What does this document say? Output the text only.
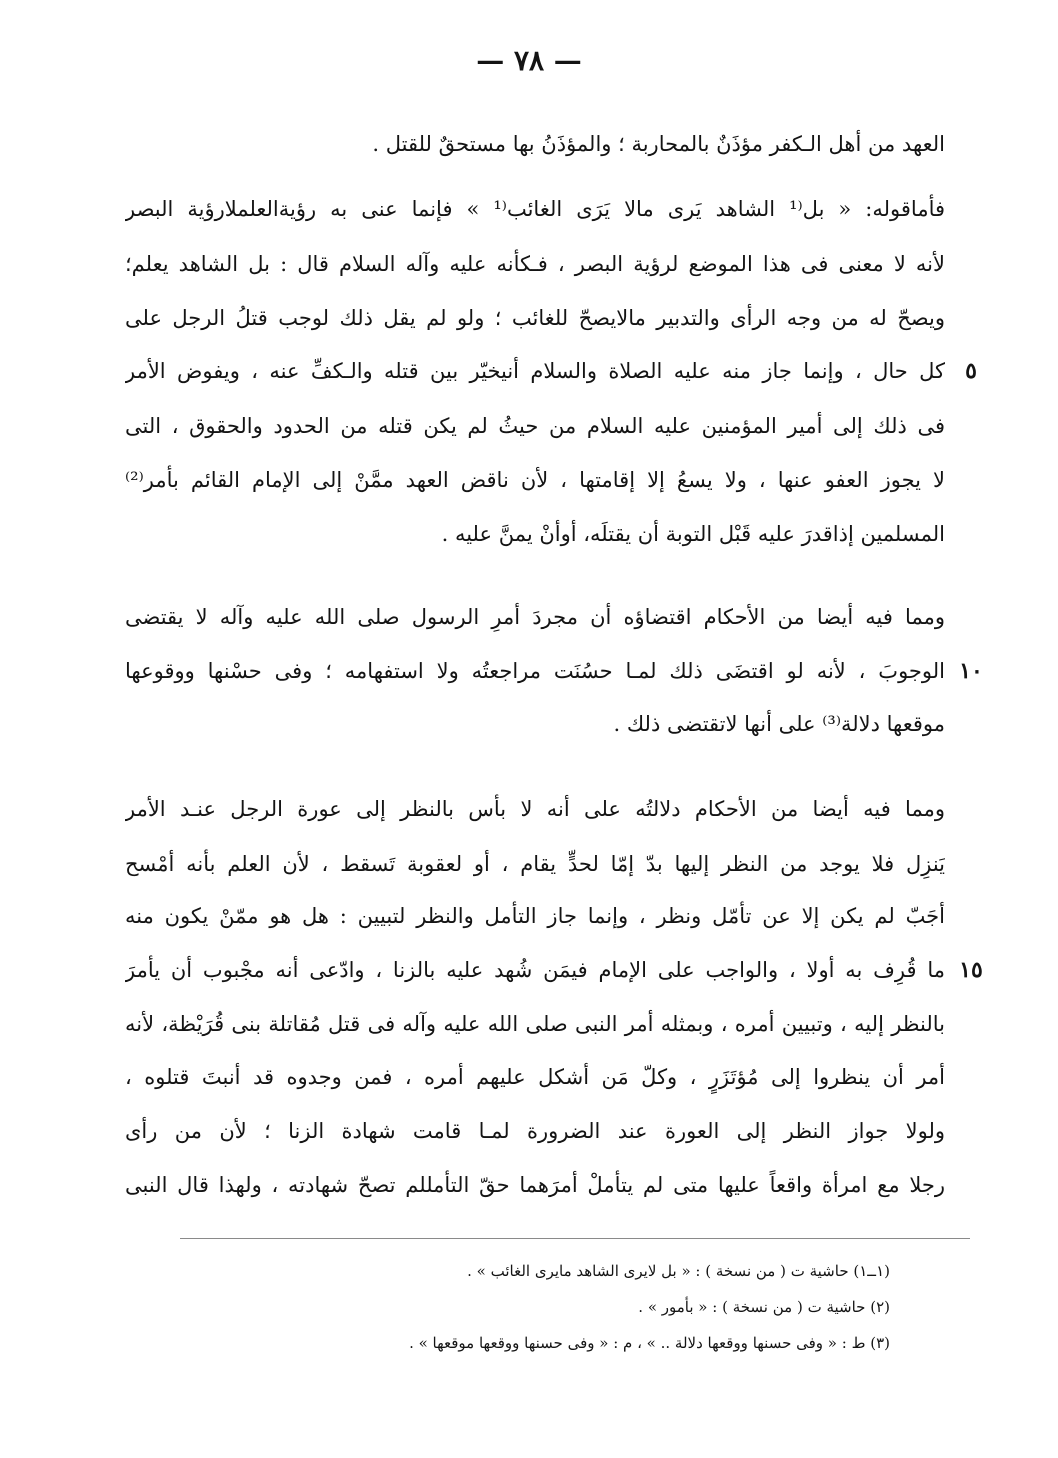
— ٧٨ —
العهد من أهل الـكفر مؤذَنٌ بالمحاربة ؛ والمؤذَنُ بها مستحقٌ للقتل .
فأماقوله: « بل⁽¹ الشاهد يَرى مالا يَرَى الغائب⁽¹ » فإنما عنى به رؤيةالعلملارؤية البصر
لأنه لا معنى فى هذا الموضع لرؤية البصر ، فـكأنه عليه وآله السلام قال : بل الشاهد يعلم؛
ويصحّ له من وجه الرأى والتدبير مالايصحّ للغائب ؛ ولو لم يقل ذلك لوجب قتلُ الرجل على
كل حال ، وإنما جاز منه عليه الصلاة والسلام أنيخيّر بين قتله والـكفِّ عنه ، ويفوض الأمر
فى ذلك إلى أمير المؤمنين عليه السلام من حيثُ لم يكن قتله من الحدود والحقوق ، التى
لا يجوز العفو عنها ، ولا يسعُ إلا إقامتها ، لأن ناقض العهد ممَّنْ إلى الإمام القائم بأمر⁽²⁾
المسلمين إذاقدرَ عليه قَبْل التوبة أن يقتلَه، أوأنْ يمنَّ عليه .
ومما فيه أيضا من الأحكام اقتضاؤه أن مجردَ أمرِ الرسول صلى الله عليه وآله لا يقتضى
الوجوبَ ، لأنه لو اقتضَى ذلك لمـا حسُنَت مراجعتُه ولا استفهامه ؛ وفى حسْنها ووقوعها
موقعها دلالة⁽³⁾ على أنها لاتقتضى ذلك .
ومما فيه أيضا من الأحكام دلالتُه على أنه لا بأس بالنظر إلى عورة الرجل عنـد الأمر
يَنزِل فلا يوجد من النظر إليها بدّ إمّا لحدٍّ يقام ، أو لعقوبة تَسقط ، لأن العلم بأنه أمْسح
أجَبّ لم يكن إلا عن تأمّل ونظر ، وإنما جاز التأمل والنظر لتبيين : هل هو ممّنْ يكون منه
ما قُرِف به أولا ، والواجب على الإمام فيمَن شُهد عليه بالزنا ، وادّعى أنه مجْبوب أن يأمرَ
بالنظر إليه ، وتبيين أمره ، وبمثله أمر النبى صلى الله عليه وآله فى قتل مُقاتلة بنى قُرَيْظة، لأنه
أمر أن ينظروا إلى مُؤتَزَرٍ ، وكلّ مَن أشكل عليهم أمره ، فمن وجدوه قد أنبتَ قتلوه ،
ولولا جواز النظر إلى العورة عند الضرورة لمـا قامت شهادة الزنا ؛ لأن من رأى
رجلا مع امرأة واقعاً عليها متى لم يتأملْ أمرَهما حقّ التأمللم تصحّ شهادته ، ولهذا قال النبى
٥
١٠
١٥
(١ــ١) حاشية ت ( من نسخة ) : « بل لايرى الشاهد مايرى الغائب » .
(٢) حاشية ت ( من نسخة ) : « بأمور » .
(٣) ط : « وفى حسنها ووقعها دلالة .. » ، م : « وفى حسنها ووقعها موقعها » .
